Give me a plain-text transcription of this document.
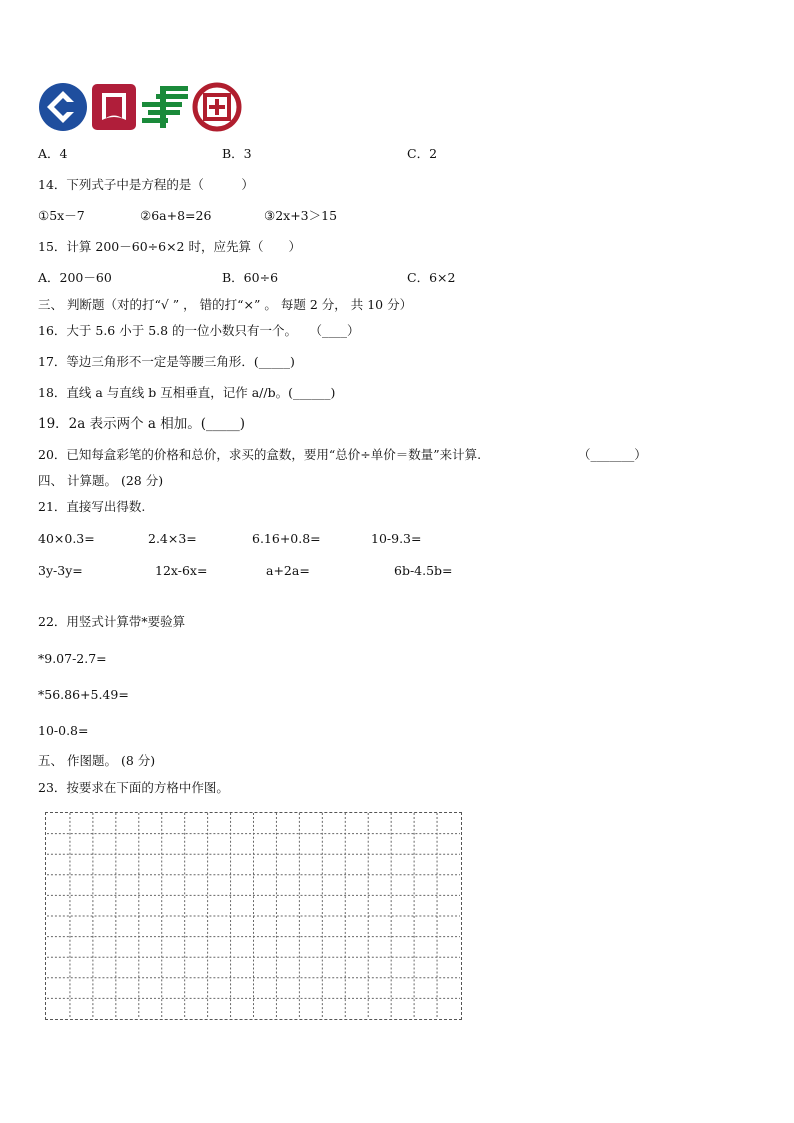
A．4	B．3	C．2
14．下列式子中是方程的是（　　　）
①5x－7	②6a+8=26	③2x+3＞15
15．计算 200－60÷6×2 时，应先算（　　）
A．200－60	B．60÷6	C．6×2
三、 判断题（对的打“√ ” ， 错的打“×” 。 每题 2 分， 共 10 分）
16．大于 5.6 小于 5.8 的一位小数只有一个。　　（____）
17．等边三角形不一定是等腰三角形．(_____)
18．直线 a 与直线 b 互相垂直，记作 a//b。(______)
19．2a 表示两个 a 相加。(_____)
20．已知每盒彩笔的价格和总价，求买的盒数，要用“总价÷单价＝数量”来计算.	（_______）
四、 计算题。 (28 分)
21．直接写出得数.
40×0.3=	2.4×3=	6.16+0.8=	10-9.3=
3y-3y=	12x-6x=	a+2a=	6b-4.5b=
22．用竖式计算带*要验算
*9.07-2.7=
*56.86+5.49=
10-0.8=
五、 作图题。 (8 分)
23．按要求在下面的方格中作图。
